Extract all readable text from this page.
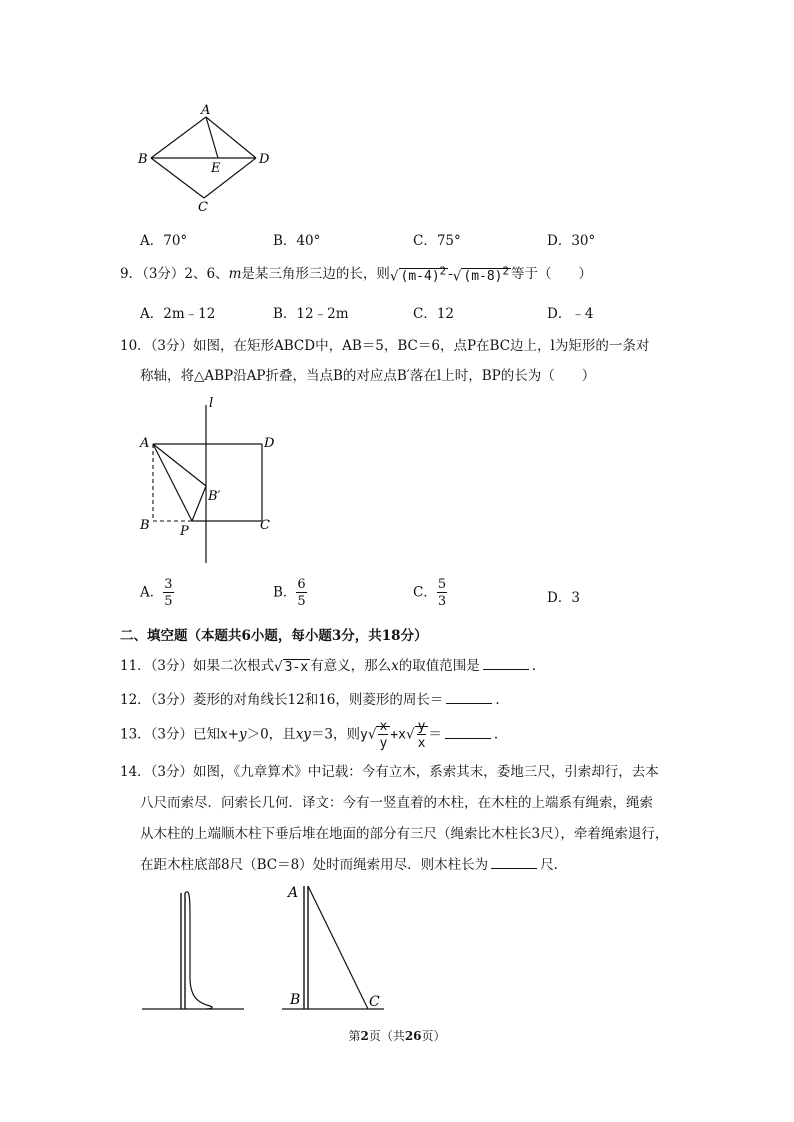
A
B	D
E
C
A．70°	B．40°	C．75°	D．30°
9．（3分）2、6、m是某三角形三边的长，则√ $(m-4)^2$ -√ $(m-8)^2$ 等于（　　）
A．2m﹣12	B．12﹣2m	C．12	D．﹣4
10．（3分）如图，在矩形ABCD中，AB＝5，BC＝6，点P在BC边上，l为矩形的一条对
称轴，将△ABP沿AP折叠，当点B的对应点B′落在l上时，BP的长为（　　）
l
A	D
B′
B P	C
A． $\frac{3}{5}$	B． $\frac{6}{5}$	C． $\frac{5}{3}$	D．3
二、填空题（本题共6小题，每小题3分，共18分）
11．（3分）如果二次根式√ 3-x 有意义，那么x的取值范围是	.
12．（3分）菱形的对角线长12和16，则菱形的周长＝	.
13．（3分）已知x+y＞0，且xy＝3，则$y√ \frac{x}{y} +x√ \frac{y}{x}$ ＝	.
14．（3分）如图，《九章算术》中记载：今有立木，系索其末，委地三尺，引索却行，去本
八尺而索尽．问索长几何．译文：今有一竖直着的木柱，在木柱的上端系有绳索，绳索
从木柱的上端顺木柱下垂后堆在地面的部分有三尺（绳索比木柱长3尺），牵着绳索退行，
在距木柱底部8尺（BC＝8）处时而绳索用尽．则木柱长为	尺.
A
B	C
第2页（共26页）
